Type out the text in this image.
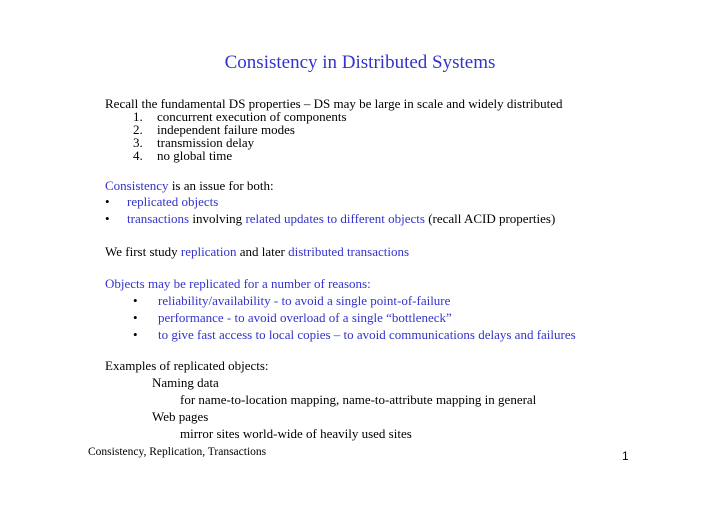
Consistency in Distributed Systems
Recall the fundamental DS properties – DS may be large in scale and widely distributed
1. concurrent execution of components
2. independent failure modes
3. transmission delay
4. no global time
Consistency is an issue for both:
• replicated objects
• transactions involving related updates to different objects (recall ACID properties)
We first study replication and later distributed transactions
Objects may be replicated for a number of reasons:
• reliability/availability - to avoid a single point-of-failure
• performance - to avoid overload of a single “bottleneck”
• to give fast access to local copies – to avoid communications delays and failures
Examples of replicated objects:
Naming data
for name-to-location mapping, name-to-attribute mapping in general
Web pages
mirror sites world-wide of heavily used sites
Consistency, Replication, Transactions	1
